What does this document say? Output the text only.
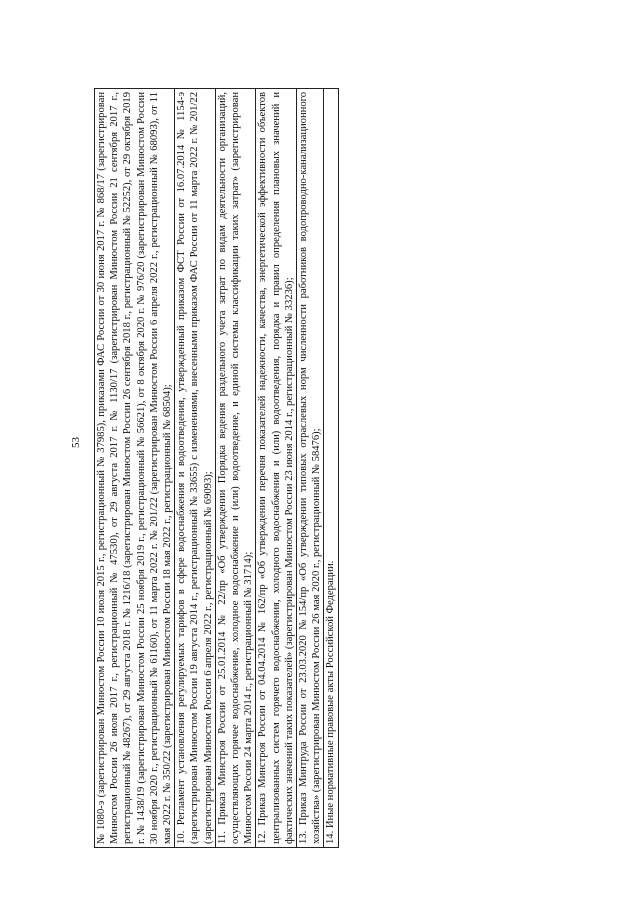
53 № 1080-э (зарегистрирован Минюстом России 10 июля 2015 г., регистрационный № 37985), приказами ФАС России от 30 июня 2017 г. № 868/17 (зарегистрирован Минюстом России 26 июля 2017 г., регистрационный № 47530), от 29 августа 2017 г. № 1130/17 (зарегистрирован Минюстом России 21 сентября 2017 г., регистрационный № 48267), от 29 августа 2018 г. № 1216/18 (зарегистрирован Минюстом России 26 сентября 2018 г., регистрационный № 52252), от 29 октября 2019 г. № 1438/19 (зарегистрирован Минюстом России 25 ноября 2019 г., регистрационный № 56621), от 8 октября 2020 г. № 976/20 (зарегистрирован Минюстом России 30 ноября 2020 г., регистрационный № 61160), от 11 марта 2022 г. № 201/22 (зарегистрирован Минюстом России 6 апреля 2022 г., регистрационный № 68093), от 11 мая 2022 г. № 350/22 (зарегистрирован Минюстом России 18 мая 2022 г., регистрационный № 68504);
10. Регламент установления регулируемых тарифов в сфере водоснабжения и водоотведения, утвержденный приказом ФСТ России от 16.07.2014 № 1154-э (зарегистрирован Минюстом России 19 августа 2014 г., регистрационный № 33655) с изменениями, внесенными приказом ФАС России от 11 марта 2022 г. № 201/22 (зарегистрирован Минюстом России 6 апреля 2022 г., регистрационный № 69093);
11. Приказ Минстроя России от 25.01.2014 № 22/пр «Об утверждении Порядка ведения раздельного учета затрат по видам деятельности организаций, осуществляющих горячее водоснабжение, холодное водоснабжение и (или) водоотведение, и единой системы классификации таких затрат» (зарегистрирован Минюстом России 24 марта 2014 г., регистрационный № 31714);
12. Приказ Минстроя России от 04.04.2014 № 162/пр «Об утверждении перечня показателей надежности, качества, энергетической эффективности объектов централизованных систем горячего водоснабжения, холодного водоснабжения и (или) водоотведения, порядка и правил определения плановых значений и фактических значений таких показателей» (зарегистрирован Минюстом России 23 июня 2014 г., регистрационный № 33236);
13. Приказ Минтруда России от 23.03.2020 №154/пр «Об утверждении типовых отраслевых норм численности работников водопроводно-канализационного хозяйства» (зарегистрирован Минюстом России 26 мая 2020 г., регистрационный № 58476);
14. Иные нормативные правовые акты Российской Федерации.
